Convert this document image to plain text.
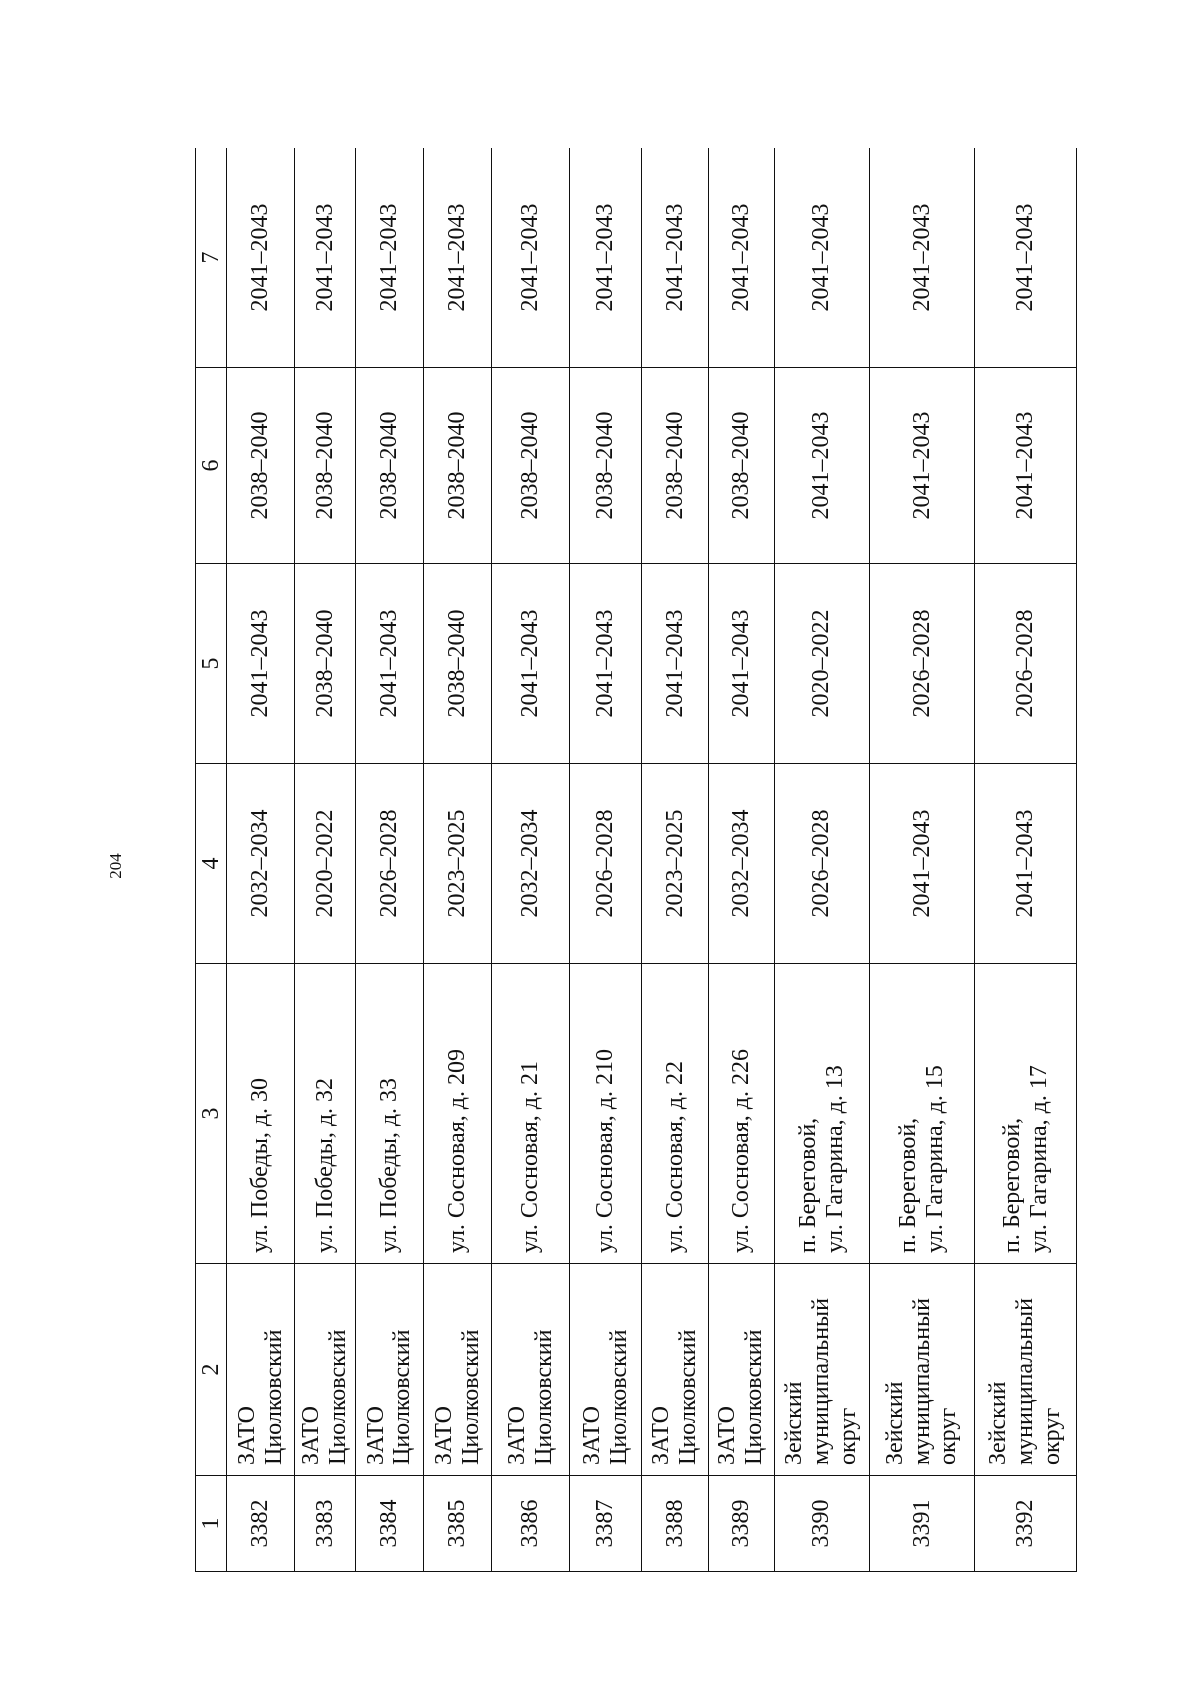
204
1	2	3	4	5	6	7
3382	ЗАТО Циолковский	ул. Победы, д. 30	2032–2034	2041–2043	2038–2040	2041–2043
3383	ЗАТО Циолковский	ул. Победы, д. 32	2020–2022	2038–2040	2038–2040	2041–2043
3384	ЗАТО Циолковский	ул. Победы, д. 33	2026–2028	2041–2043	2038–2040	2041–2043
3385	ЗАТО Циолковский	ул. Сосновая, д. 209	2023–2025	2038–2040	2038–2040	2041–2043
3386	ЗАТО Циолковский	ул. Сосновая, д. 21	2032–2034	2041–2043	2038–2040	2041–2043
3387	ЗАТО Циолковский	ул. Сосновая, д. 210	2026–2028	2041–2043	2038–2040	2041–2043
3388	ЗАТО Циолковский	ул. Сосновая, д. 22	2023–2025	2041–2043	2038–2040	2041–2043
3389	ЗАТО Циолковский	ул. Сосновая, д. 226	2032–2034	2041–2043	2038–2040	2041–2043
3390	Зейский муниципальный округ	п. Береговой, ул. Гагарина, д. 13	2026–2028	2020–2022	2041–2043	2041–2043
3391	Зейский муниципальный округ	п. Береговой, ул. Гагарина, д. 15	2041–2043	2026–2028	2041–2043	2041–2043
3392	Зейский муниципальный округ	п. Береговой, ул. Гагарина, д. 17	2041–2043	2026–2028	2041–2043	2041–2043
